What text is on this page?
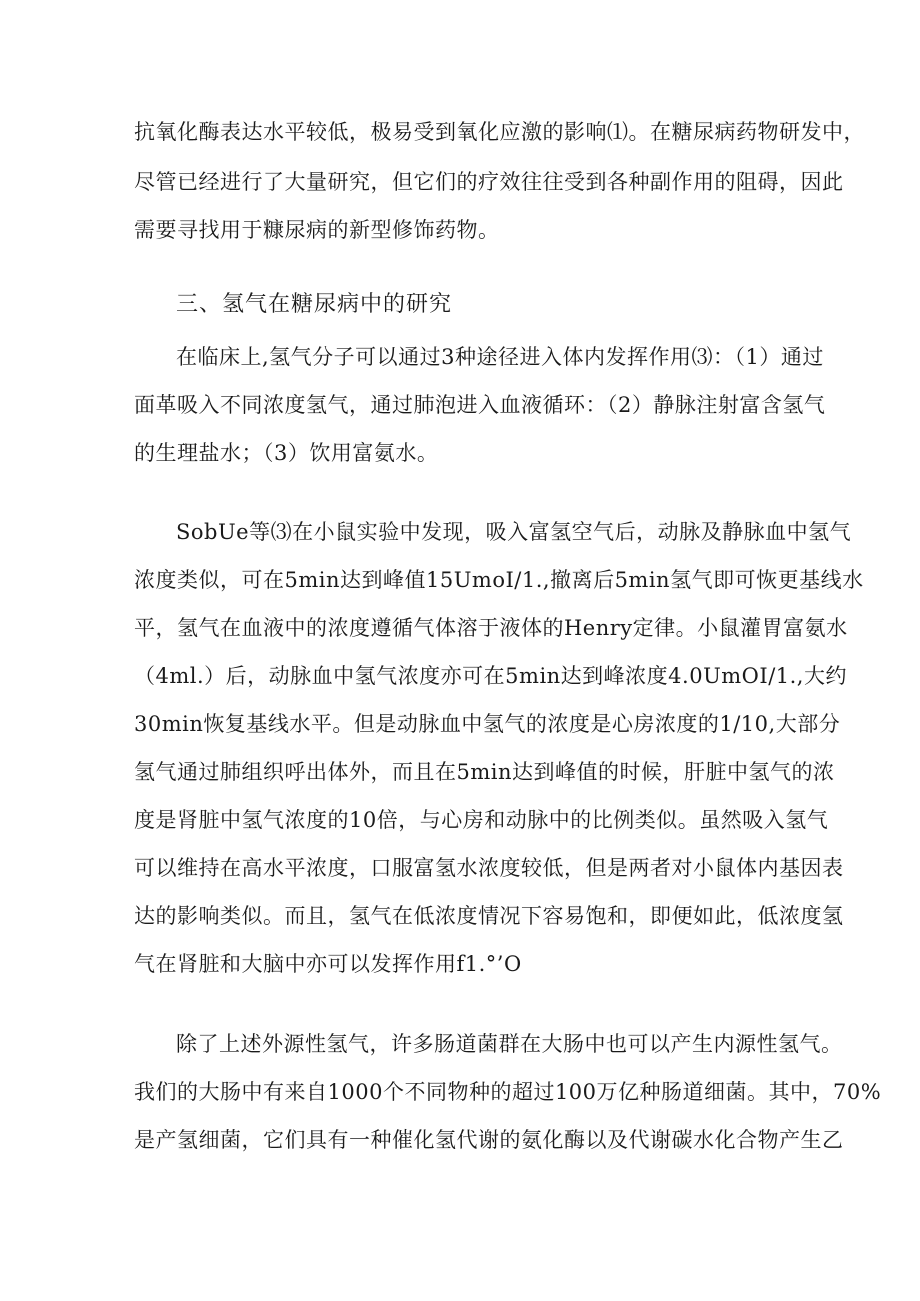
抗氧化酶表达水平较低，极易受到氧化应激的影响⑴。在糖尿病药物研发中，
尽管已经进行了大量研究，但它们的疗效往往受到各种副作用的阻碍，因此
需要寻找用于糠尿病的新型修饰药物。
三、氢气在糖尿病中的研究
在临床上,氢气分子可以通过3种途径进入体内发挥作用⑶：（1）通过
面革吸入不同浓度氢气，通过肺泡进入血液循环：（2）静脉注射富含氢气
的生理盐水；（3）饮用富氨水。
SobUe等⑶在小鼠实验中发现，吸入富氢空气后，动脉及静脉血中氢气
浓度类似，可在5min达到峰值15UmoI/1.,撤离后5min氢气即可恢更基线水
平，氢气在血液中的浓度遵循气体溶于液体的Henry定律。小鼠灌胃富氨水
（4ml.）后，动脉血中氢气浓度亦可在5min达到峰浓度4.0UmOI/1.,大约
30min恢复基线水平。但是动脉血中氢气的浓度是心房浓度的1/10,大部分
氢气通过肺组织呼出体外，而且在5min达到峰值的时候，肝脏中氢气的浓
度是肾脏中氢气浓度的10倍，与心房和动脉中的比例类似。虽然吸入氢气
可以维持在高水平浓度，口服富氢水浓度较低，但是两者对小鼠体内基因表
达的影响类似。而且，氢气在低浓度情况下容易饱和，即便如此，低浓度氢
气在肾脏和大脑中亦可以发挥作用f1.°’O
除了上述外源性氢气，许多肠道菌群在大肠中也可以产生内源性氢气。
我们的大肠中有来自1000个不同物种的超过100万亿种肠道细菌。其中，70%
是产氢细菌，它们具有一种催化氢代谢的氨化酶以及代谢碳水化合物产生乙
